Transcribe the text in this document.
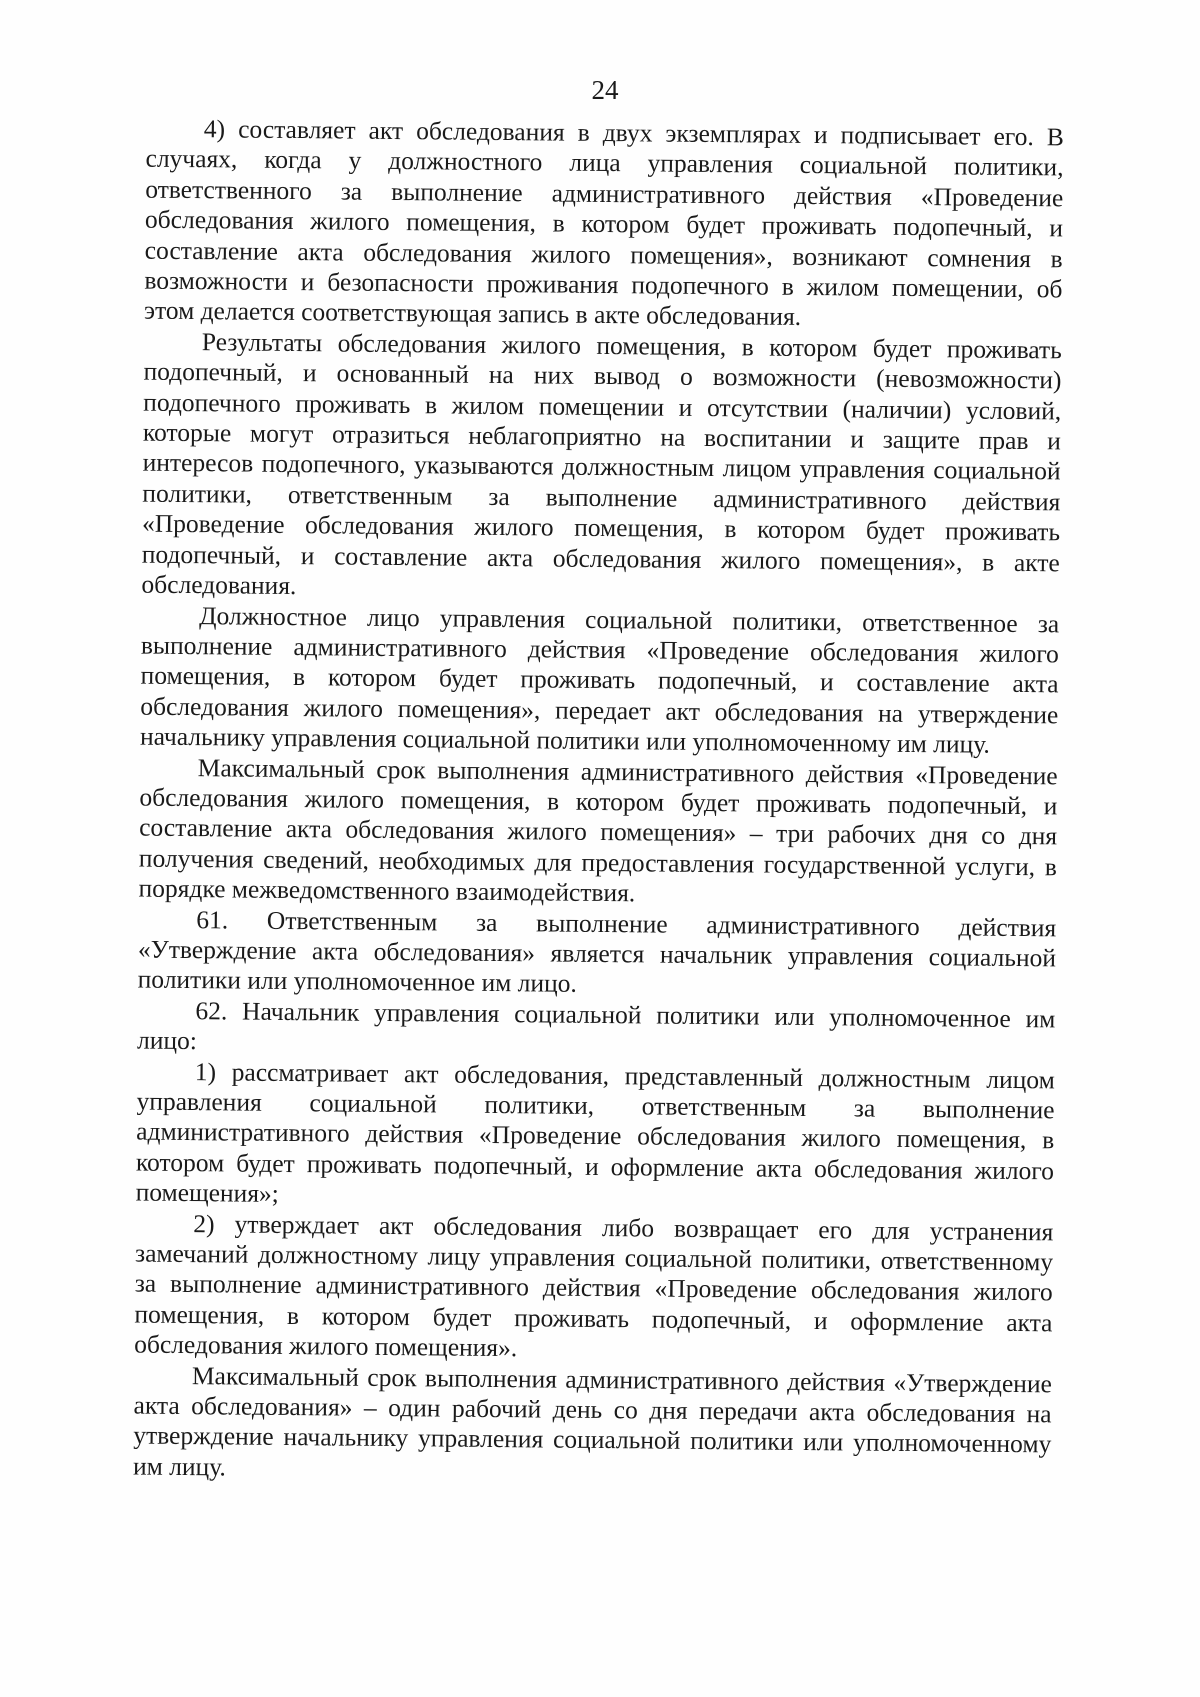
24

4) составляет акт обследования в двух экземплярах и подписывает его. В случаях, когда у должностного лица управления социальной политики, ответственного за выполнение административного действия «Проведение обследования жилого помещения, в котором будет проживать подопечный, и составление акта обследования жилого помещения», возникают сомнения в возможности и безопасности проживания подопечного в жилом помещении, об этом делается соответствующая запись в акте обследования.

Результаты обследования жилого помещения, в котором будет проживать подопечный, и основанный на них вывод о возможности (невозможности) подопечного проживать в жилом помещении и отсутствии (наличии) условий, которые могут отразиться неблагоприятно на воспитании и защите прав и интересов подопечного, указываются должностным лицом управления социальной политики, ответственным за выполнение административного действия «Проведение обследования жилого помещения, в котором будет проживать подопечный, и составление акта обследования жилого помещения», в акте обследования.

Должностное лицо управления социальной политики, ответственное за выполнение административного действия «Проведение обследования жилого помещения, в котором будет проживать подопечный, и составление акта обследования жилого помещения», передает акт обследования на утверждение начальнику управления социальной политики или уполномоченному им лицу.

Максимальный срок выполнения административного действия «Проведение обследования жилого помещения, в котором будет проживать подопечный, и составление акта обследования жилого помещения» – три рабочих дня со дня получения сведений, необходимых для предоставления государственной услуги, в порядке межведомственного взаимодействия.

61. Ответственным за выполнение административного действия «Утверждение акта обследования» является начальник управления социальной политики или уполномоченное им лицо.

62. Начальник управления социальной политики или уполномоченное им лицо:

1) рассматривает акт обследования, представленный должностным лицом управления социальной политики, ответственным за выполнение административного действия «Проведение обследования жилого помещения, в котором будет проживать подопечный, и оформление акта обследования жилого помещения»;

2) утверждает акт обследования либо возвращает его для устранения замечаний должностному лицу управления социальной политики, ответственному за выполнение административного действия «Проведение обследования жилого помещения, в котором будет проживать подопечный, и оформление акта обследования жилого помещения».

Максимальный срок выполнения административного действия «Утверждение акта обследования» – один рабочий день со дня передачи акта обследования на утверждение начальнику управления социальной политики или уполномоченному им лицу.
